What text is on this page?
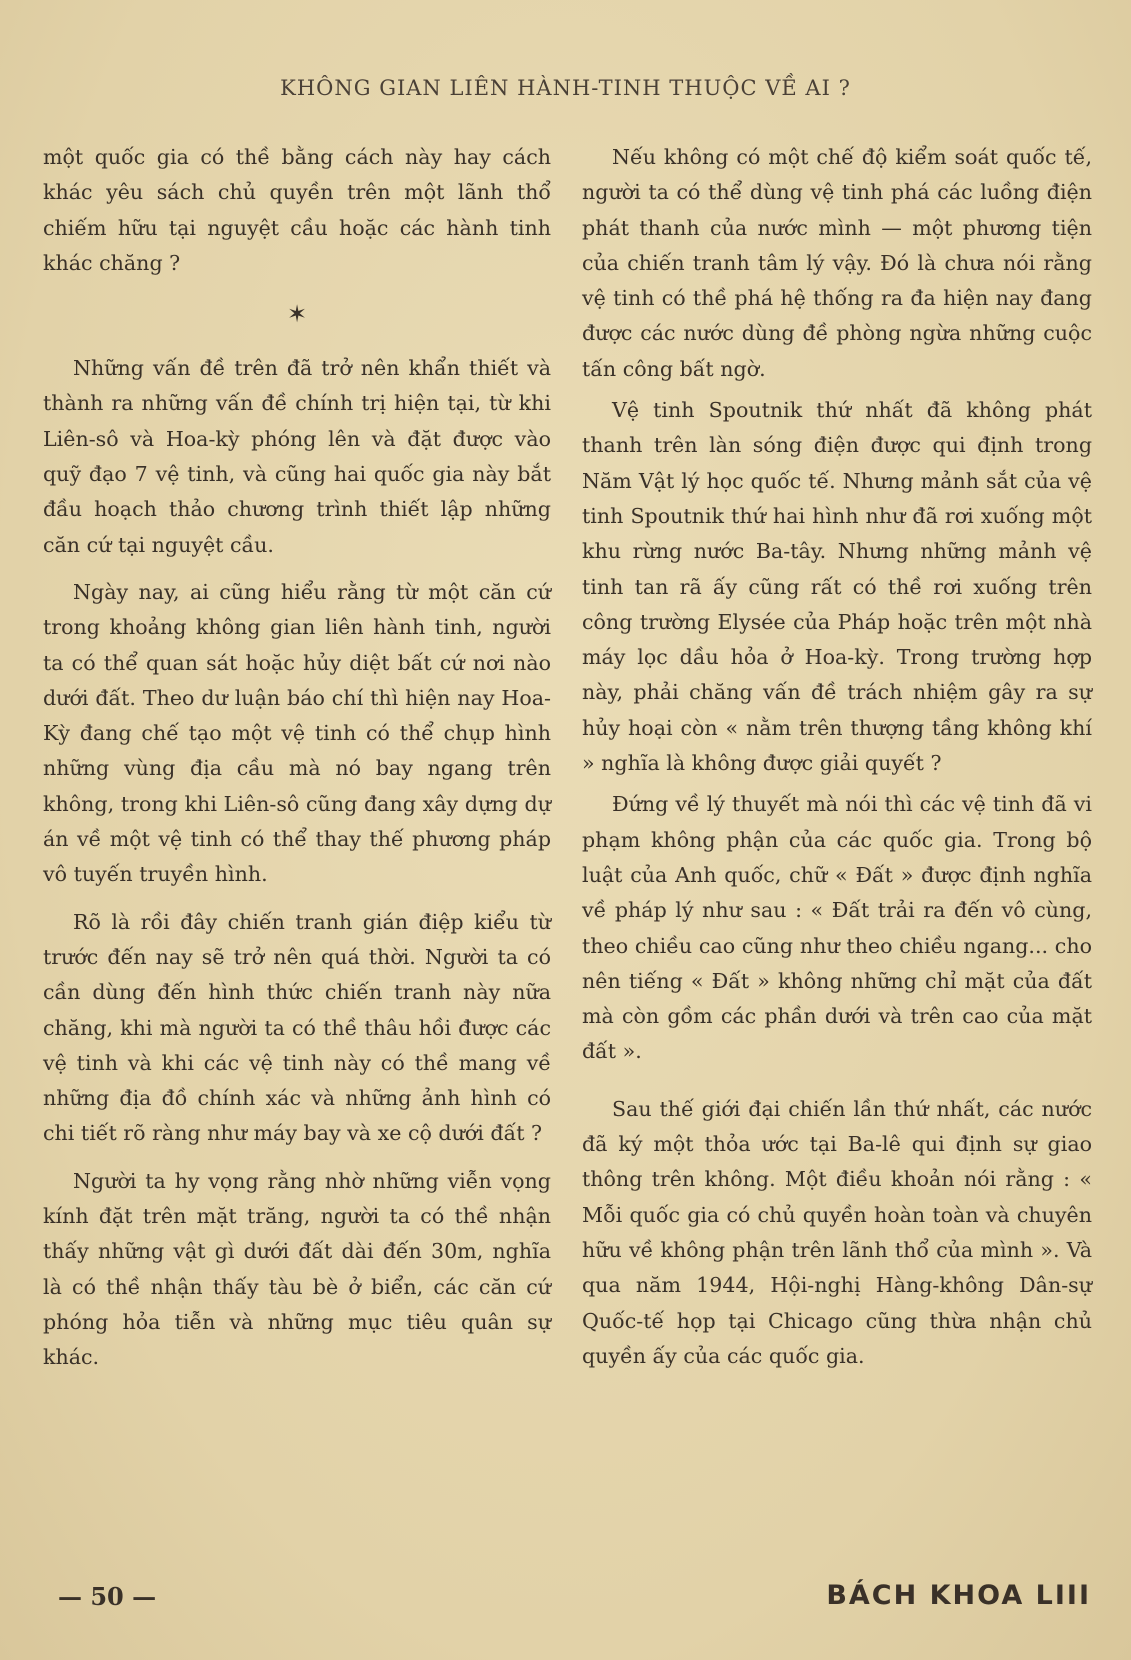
KHÔNG GIAN LIÊN HÀNH-TINH THUỘC VỀ AI ?

một quốc gia có thề bằng cách này hay cách khác yêu sách chủ quyền trên một lãnh thổ chiếm hữu tại nguyệt cầu hoặc các hành tinh khác chăng ?

✶

Những vấn đề trên đã trở nên khẩn thiết và thành ra những vấn đề chính trị hiện tại, từ khi Liên-sô và Hoa-kỳ phóng lên và đặt được vào quỹ đạo 7 vệ tinh, và cũng hai quốc gia này bắt đầu hoạch thảo chương trình thiết lập những căn cứ tại nguyệt cầu.

Ngày nay, ai cũng hiểu rằng từ một căn cứ trong khoảng không gian liên hành tinh, người ta có thể quan sát hoặc hủy diệt bất cứ nơi nào dưới đất. Theo dư luận báo chí thì hiện nay Hoa-Kỳ đang chế tạo một vệ tinh có thể chụp hình những vùng địa cầu mà nó bay ngang trên không, trong khi Liên-sô cũng đang xây dựng dự án về một vệ tinh có thể thay thế phương pháp vô tuyến truyền hình.

Rõ là rồi đây chiến tranh gián điệp kiểu từ trước đến nay sẽ trở nên quá thời. Người ta có cần dùng đến hình thức chiến tranh này nữa chăng, khi mà người ta có thề thâu hồi được các vệ tinh và khi các vệ tinh này có thề mang về những địa đồ chính xác và những ảnh hình có chi tiết rõ ràng như máy bay và xe cộ dưới đất ?

Người ta hy vọng rằng nhờ những viễn vọng kính đặt trên mặt trăng, người ta có thề nhận thấy những vật gì dưới đất dài đến 30m, nghĩa là có thề nhận thấy tàu bè ở biển, các căn cứ phóng hỏa tiễn và những mục tiêu quân sự khác.

Nếu không có một chế độ kiểm soát quốc tế, người ta có thể dùng vệ tinh phá các luồng điện phát thanh của nước mình — một phương tiện của chiến tranh tâm lý vậy. Đó là chưa nói rằng vệ tinh có thề phá hệ thống ra đa hiện nay đang được các nước dùng đề phòng ngừa những cuộc tấn công bất ngờ.

Vệ tinh Spoutnik thứ nhất đã không phát thanh trên làn sóng điện được qui định trong Năm Vật lý học quốc tế. Nhưng mảnh sắt của vệ tinh Spoutnik thứ hai hình như đã rơi xuống một khu rừng nước Ba-tây. Nhưng những mảnh vệ tinh tan rã ấy cũng rất có thề rơi xuống trên công trường Elysée của Pháp hoặc trên một nhà máy lọc dầu hỏa ở Hoa-kỳ. Trong trường hợp này, phải chăng vấn đề trách nhiệm gây ra sự hủy hoại còn « nằm trên thượng tầng không khí » nghĩa là không được giải quyết ?

Đứng về lý thuyết mà nói thì các vệ tinh đã vi phạm không phận của các quốc gia. Trong bộ luật của Anh quốc, chữ « Đất » được định nghĩa về pháp lý như sau : « Đất trải ra đến vô cùng, theo chiều cao cũng như theo chiều ngang... cho nên tiếng « Đất » không những chỉ mặt của đất mà còn gồm các phần dưới và trên cao của mặt đất ».

Sau thế giới đại chiến lần thứ nhất, các nước đã ký một thỏa ước tại Ba-lê qui định sự giao thông trên không. Một điều khoản nói rằng : « Mỗi quốc gia có chủ quyền hoàn toàn và chuyên hữu về không phận trên lãnh thổ của mình ». Và qua năm 1944, Hội-nghị Hàng-không Dân-sự Quốc-tế họp tại Chicago cũng thừa nhận chủ quyền ấy của các quốc gia.

— 50 —	BÁCH KHOA LIII
